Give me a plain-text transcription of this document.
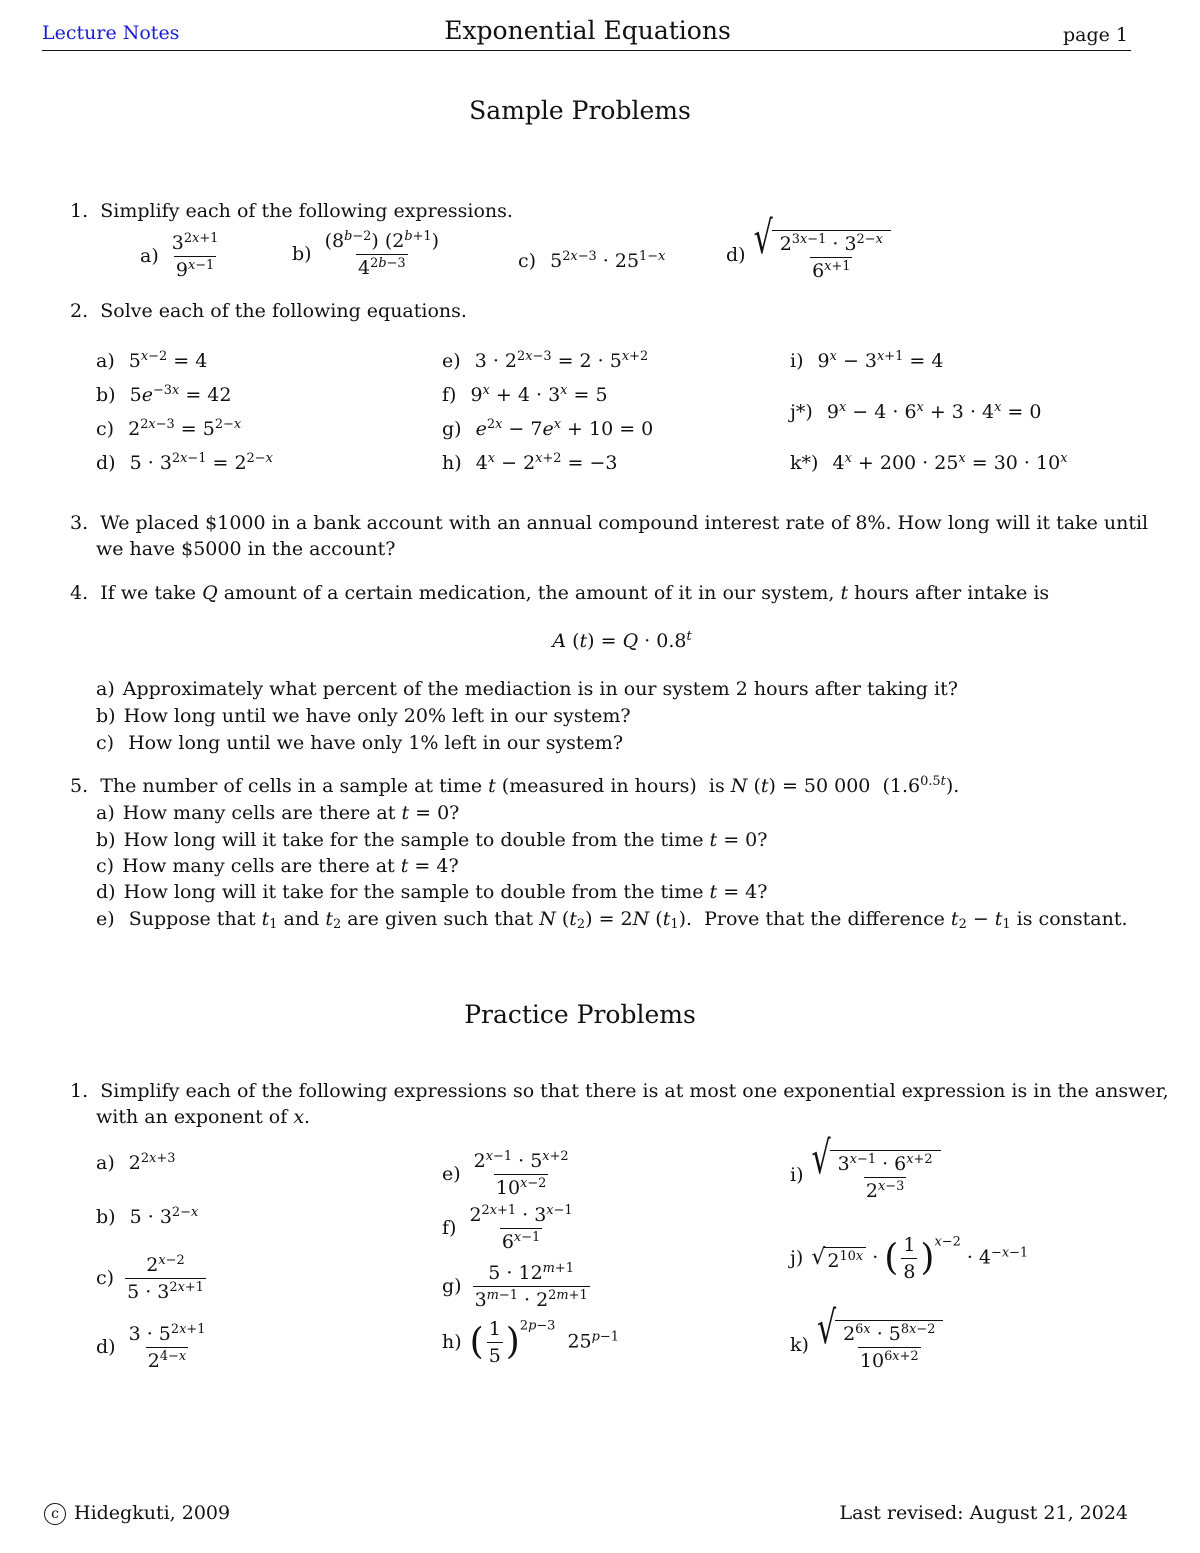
Lecture Notes	Exponential Equations	page 1
Sample Problems
1. Simplify each of the following expressions.
$a) \frac{3^{2x+1}}{9^{x-1}}$	$b) \frac{(8^{b-2}) (2^{b+1})}{4^{2b-3}}$	c) $5^{2x-3} \cdot 25^{1-x}$	d) √ $\frac{2^{3x-1} \cdot 3^{2-x}}{6^{x+1}}$
2. Solve each of the following equations.
a) $5^{x-2} = 4$
b) $5e^{-3x} = 42$
c) $2^{2x-3} = 5^{2-x}$
d) $5 \cdot 3^{2x-1} = 2^{2-x}$
e) $3 \cdot 2^{2x-3} = 2 \cdot 5^{x+2}$
f) $9^x + 4 \cdot 3^x = 5$
g) $e^{2x} - 7e^x + 10 = 0$
h) $4^x - 2^{x+2} = -3$
i) $9^x - 3^{x+1} = 4$
j*) $9^x - 4 \cdot 6^x + 3 \cdot 4^x = 0$
k*) $4^x + 200 \cdot 25^x = 30 \cdot 10^x$
3. We placed $1000 in a bank account with an annual compound interest rate of 8%. How long will it take until
we have $5000 in the account?
4.  If we take Q amount of a certain medication, the amount of it in our system, t hours after intake is
A $(t) = Q \cdot 0.8^t$
a) Approximately what percent of the mediaction is in our system 2 hours after taking it?
b) How long until we have only 20% left in our system?
c) How long until we have only 1% left in our system?
5.  The number of cells in a sample at time t (measured in hours)  is N (t) = 50 000  $(1.6^{0.5t})$.
a) How many cells are there at t = 0?
b) How long will it take for the sample to double from the time t = 0?
c) How many cells are there at t = 4?
d) How long will it take for the sample to double from the time t = 4?
e) Suppose that $t_1$ and $t_2$ are given such that N $(t_2) = 2N$ $(t_1)$.  Prove that the difference $t_2 - t_1$ is constant.
Practice Problems
1. Simplify each of the following expressions so that there is at most one exponential expression is in the answer,
with an exponent of x.
a) $2^{2x+3}$
b) $5 \cdot 3^{2-x}$
$c) \frac{2^{x-2}}{5 \cdot 3^{2x+1}}$
$d) \frac{3 \cdot 5^{2x+1}}{2^{4-x}}$
$e) \frac{2^{x-1} \cdot 5^{x+2}}{10^{x-2}}$
$f) \frac{2^{2x+1} \cdot 3^{x-1}}{6^{x-1}}$
$g) \frac{5 \cdot 12^{m+1}}{3^{m-1} \cdot 2^{2m+1}}$
h) ( $\frac{1}{5} )^{2p-3}$  $25^{p-1}$
i) √ $\frac{3^{x-1} \cdot 6^{x+2}}{2^{x-3}}$
j) √ $2^{10x}$ · ( $\frac{1}{8} )^{x-2} \cdot 4^{-x-1}$
k) √ $\frac{2^{6x} \cdot 5^{8x-2}}{10^{6x+2}}$
c Hidegkuti, 2009	Last revised: August 21, 2024
